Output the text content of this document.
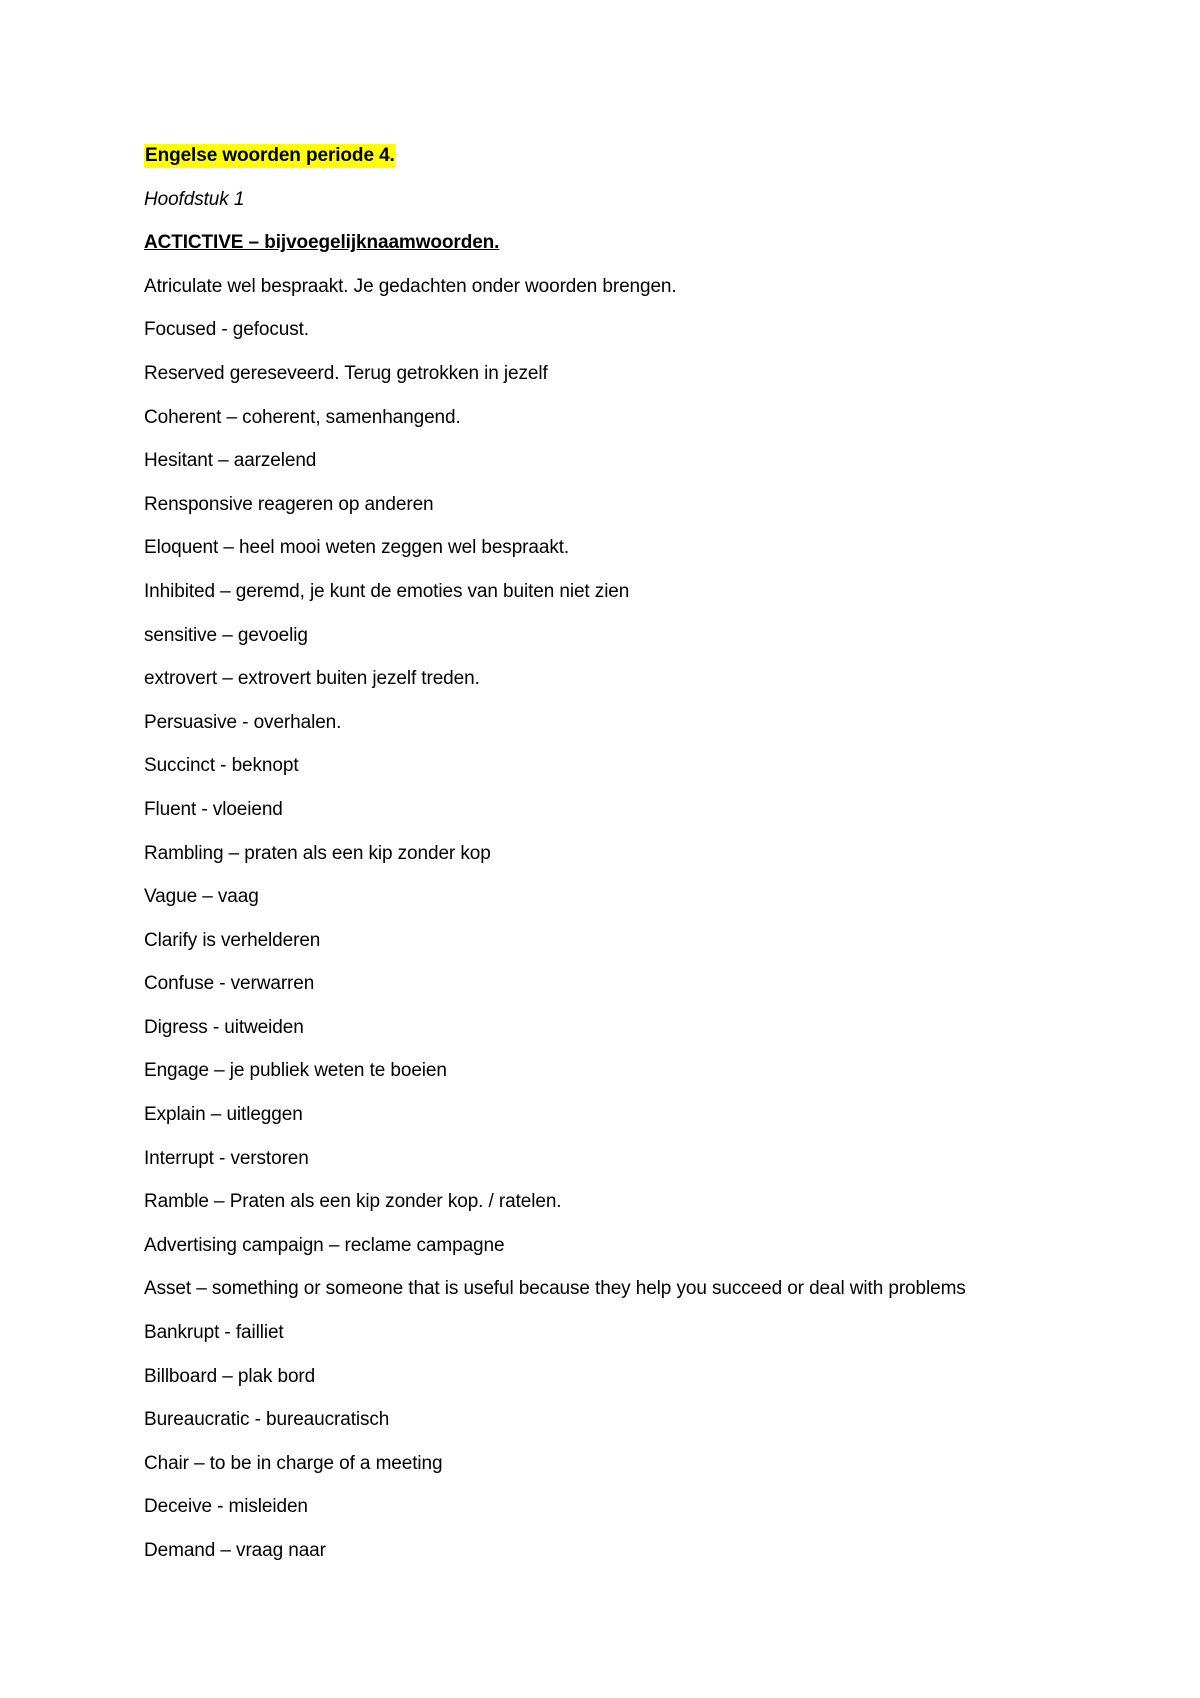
Engelse woorden periode 4.
Hoofdstuk 1
ACTICTIVE – bijvoegelijknaamwoorden.
Atriculate wel bespraakt. Je gedachten onder woorden brengen.
Focused - gefocust.
Reserved gereseveerd. Terug getrokken in jezelf
Coherent – coherent, samenhangend.
Hesitant – aarzelend
Rensponsive reageren op anderen
Eloquent – heel mooi weten zeggen wel bespraakt.
Inhibited – geremd, je kunt de emoties van buiten niet zien
sensitive – gevoelig
extrovert – extrovert buiten jezelf treden.
Persuasive - overhalen.
Succinct - beknopt
Fluent - vloeiend
Rambling – praten als een kip zonder kop
Vague – vaag
Clarify is verhelderen
Confuse - verwarren
Digress - uitweiden
Engage – je publiek weten te boeien
Explain – uitleggen
Interrupt - verstoren
Ramble – Praten als een kip zonder kop. / ratelen.
Advertising campaign – reclame campagne
Asset – something or someone that is useful because they help you succeed or deal with problems
Bankrupt - failliet
Billboard – plak bord
Bureaucratic - bureaucratisch
Chair – to be in charge of a meeting
Deceive - misleiden
Demand – vraag naar
